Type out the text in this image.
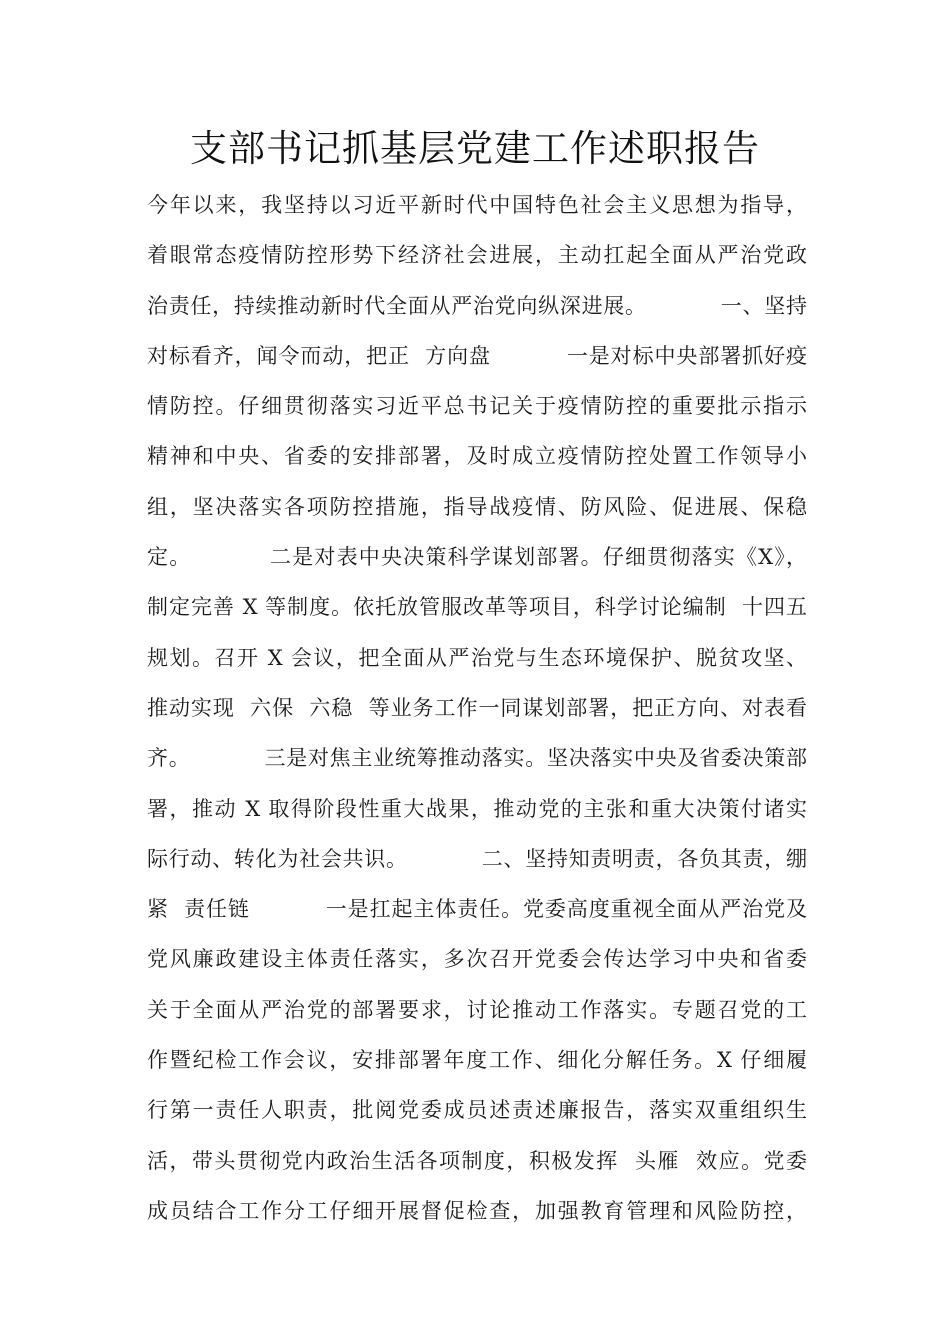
支部书记抓基层党建工作述职报告
今年以来，我坚持以习近平新时代中国特色社会主义思想为指导，
着眼常态疫情防控形势下经济社会进展，主动扛起全面从严治党政
治责任，持续推动新时代全面从严治党向纵深进展。          一、坚持
对标看齐，闻令而动，把正  方向盘          一是对标中央部署抓好疫
情防控。仔细贯彻落实习近平总书记关于疫情防控的重要批示指示
精神和中央、省委的安排部署，及时成立疫情防控处置工作领导小
组，坚决落实各项防控措施，指导战疫情、防风险、促进展、保稳
定。          二是对表中央决策科学谋划部署。仔细贯彻落实《X》，
制定完善 X 等制度。依托放管服改革等项目，科学讨论编制  十四五
规划。召开 X 会议，把全面从严治党与生态环境保护、脱贫攻坚、
推动实现  六保  六稳  等业务工作一同谋划部署，把正方向、对表看
齐。          三是对焦主业统筹推动落实。坚决落实中央及省委决策部
署，推动 X 取得阶段性重大战果，推动党的主张和重大决策付诸实
际行动、转化为社会共识。          二、坚持知责明责，各负其责，绷
紧  责任链          一是扛起主体责任。党委高度重视全面从严治党及
党风廉政建设主体责任落实，多次召开党委会传达学习中央和省委
关于全面从严治党的部署要求，讨论推动工作落实。专题召党的工
作暨纪检工作会议，安排部署年度工作、细化分解任务。X 仔细履
行第一责任人职责，批阅党委成员述责述廉报告，落实双重组织生
活，带头贯彻党内政治生活各项制度，积极发挥  头雁  效应。党委
成员结合工作分工仔细开展督促检查，加强教育管理和风险防控，
